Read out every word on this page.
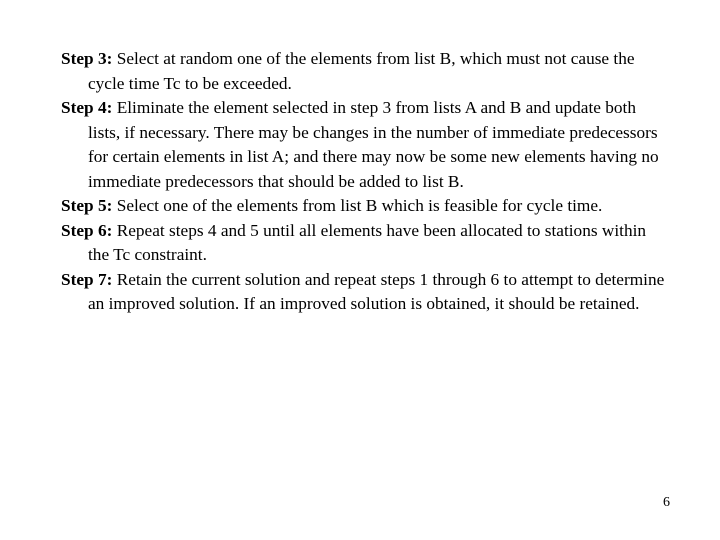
Step 3: Select at random one of the elements from list B, which must not cause the cycle time Tc to be exceeded.
Step 4: Eliminate the element selected in step 3 from lists A and B and update both lists, if necessary. There may be changes in the number of immediate predecessors for certain elements in list A; and there may now be some new elements having no immediate predecessors that should be added to list B.
Step 5: Select one of the elements from list B which is feasible for cycle time.
Step 6: Repeat steps 4 and 5 until all elements have been allocated to stations within the Tc constraint.
Step 7: Retain the current solution and repeat steps 1 through 6 to attempt to determine an improved solution. If an improved solution is obtained, it should be retained.
6
